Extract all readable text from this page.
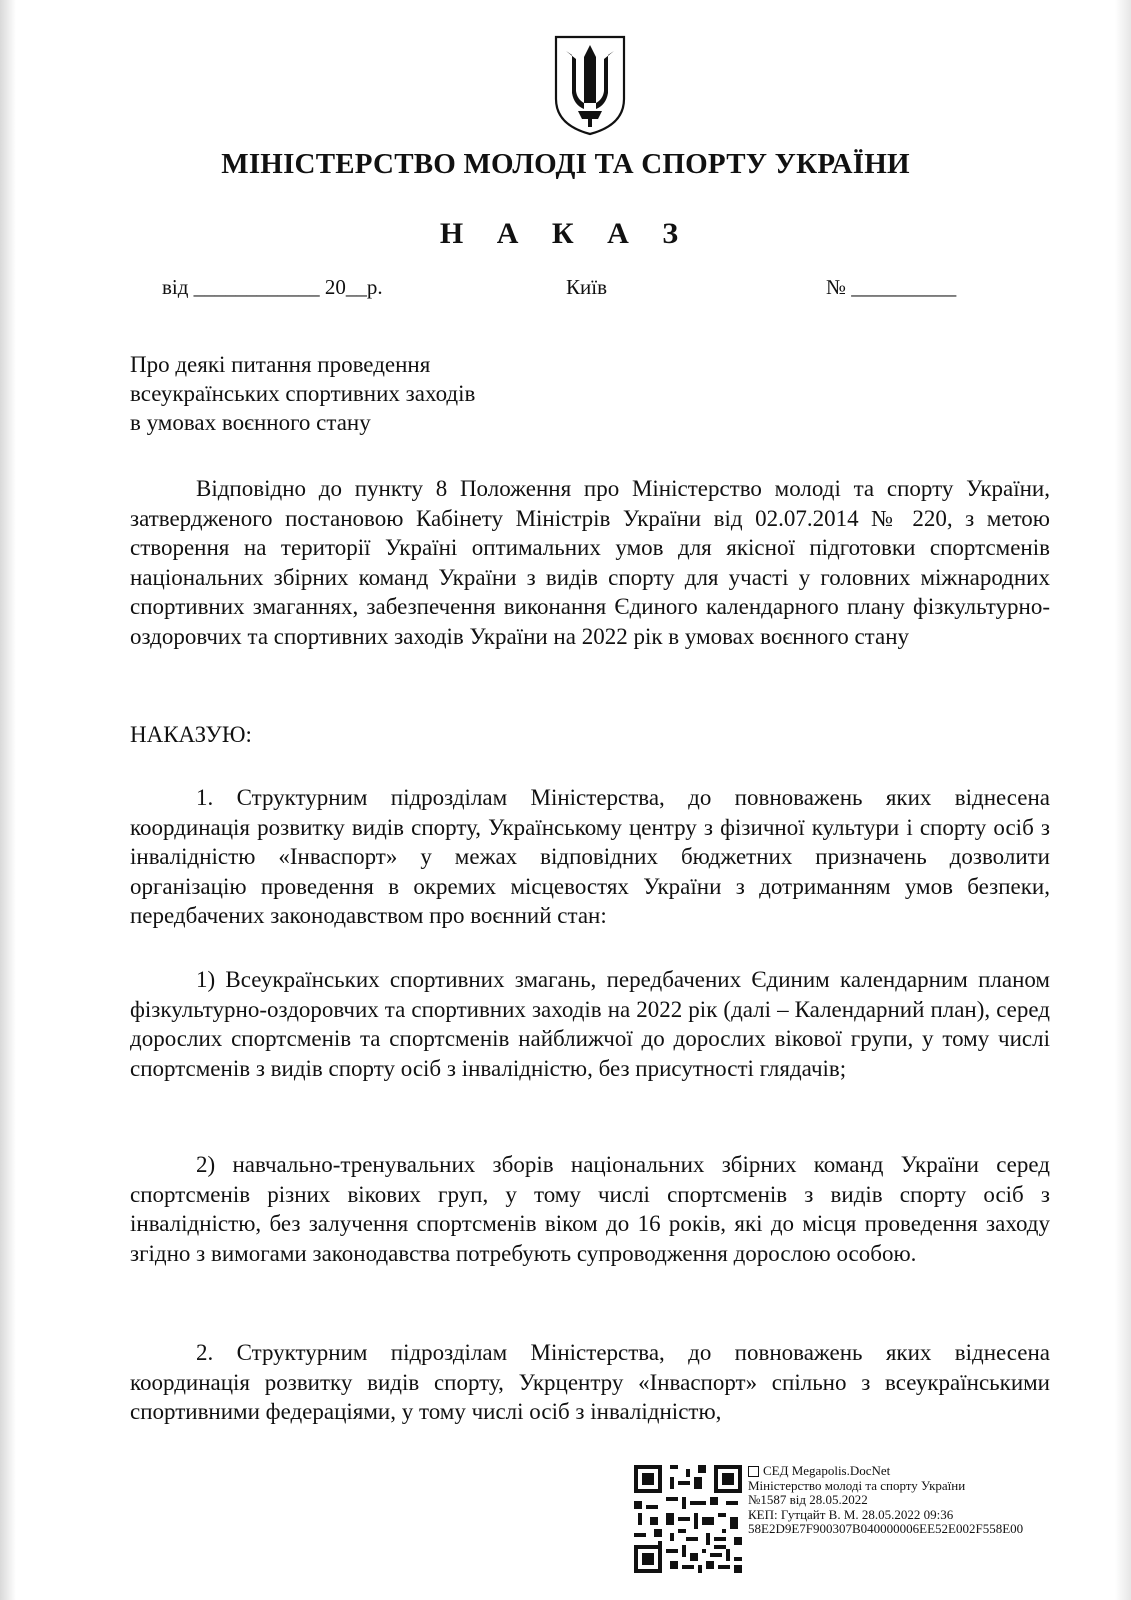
МІНІСТЕРСТВО МОЛОДІ ТА СПОРТУ УКРАЇНИ
Н А К А З
від ____________ 20__р.	Київ	№ __________
Про деякі питання проведення
всеукраїнських спортивних заходів
в умовах воєнного стану

Відповідно до пункту 8 Положення про Міністерство молоді та спорту України, затвердженого постановою Кабінету Міністрів України від 02.07.2014 № 220, з метою створення на території Україні оптимальних умов для якісної підготовки спортсменів національних збірних команд України з видів спорту для участі у головних міжнародних спортивних змаганнях, забезпечення виконання Єдиного календарного плану фізкультурно-оздоровчих та спортивних заходів України на 2022 рік в умовах воєнного стану

НАКАЗУЮ:

1. Структурним підрозділам Міністерства, до повноважень яких віднесена координація розвитку видів спорту, Українському центру з фізичної культури і спорту осіб з інвалідністю «Інваспорт» у межах відповідних бюджетних призначень дозволити організацію проведення в окремих місцевостях України з дотриманням умов безпеки, передбачених законодавством про воєнний стан:

1) Всеукраїнських спортивних змагань, передбачених Єдиним календарним планом фізкультурно-оздоровчих та спортивних заходів на 2022 рік (далі – Календарний план), серед дорослих спортсменів та спортсменів найближчої до дорослих вікової групи, у тому числі спортсменів з видів спорту осіб з інвалідністю, без присутності глядачів;

2) навчально-тренувальних зборів національних збірних команд України серед спортсменів різних вікових груп, у тому числі спортсменів з видів спорту осіб з інвалідністю, без залучення спортсменів віком до 16 років, які до місця проведення заходу згідно з вимогами законодавства потребують супроводження дорослою особою.

2. Структурним підрозділам Міністерства, до повноважень яких віднесена координація розвитку видів спорту, Укрцентру «Інваспорт» спільно з всеукраїнськими спортивними федераціями, у тому числі осіб з інвалідністю,

СЕД Megapolis.DocNet
Міністерство молоді та спорту України
№1587 від 28.05.2022
КЕП: Гутцайт В. М. 28.05.2022 09:36
58E2D9E7F900307B040000006EE52E002F558E00
